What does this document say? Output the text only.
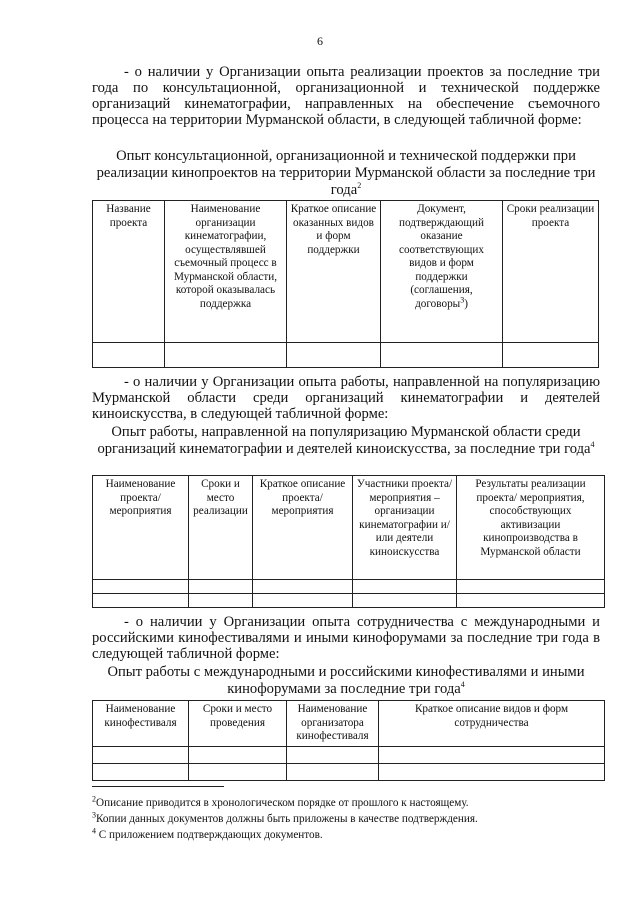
6

- о наличии у Организации опыта реализации проектов за последние три года по консультационной, организационной и технической поддержке организаций кинематографии, направленных на обеспечение съемочного процесса на территории Мурманской области, в следующей табличной форме:

Опыт консультационной, организационной и технической поддержки при реализации кинопроектов на территории Мурманской области за последние три года$^2$

Название проекта	Наименование организации кинематографии, осуществлявшей съемочный процесс в Мурманской области, которой оказывалась поддержка	Краткое описание оказанных видов и форм поддержки	Документ, подтверждающий оказание соответствующих видов и форм поддержки (соглашения, договоры$^3$)	Сроки реализации проекта

- о наличии у Организации опыта работы, направленной на популяризацию Мурманской области среди организаций кинематографии и деятелей киноискусства, в следующей табличной форме:

Опыт работы, направленной на популяризацию Мурманской области среди организаций кинематографии и деятелей киноискусства, за последние три года$^4$

Наименование проекта/ мероприятия	Сроки и место реализации	Краткое описание проекта/ мероприятия	Участники проекта/ мероприятия – организации кинематографии и/или деятели киноискусства	Результаты реализации проекта/ мероприятия, способствующих активизации кинопроизводства в Мурманской области

- о наличии у Организации опыта сотрудничества с международными и российскими кинофестивалями и иными кинофорумами за последние три года в следующей табличной форме:

Опыт работы с международными и российскими кинофестивалями и иными кинофорумами за последние три года$^4$

Наименование кинофестиваля	Сроки и место проведения	Наименование организатора кинофестиваля	Краткое описание видов и форм сотрудничества

$^2$Описание приводится в хронологическом порядке от прошлого к настоящему.

$^3$Копии данных документов должны быть приложены в качестве подтверждения.

$^4$ С приложением подтверждающих документов.
